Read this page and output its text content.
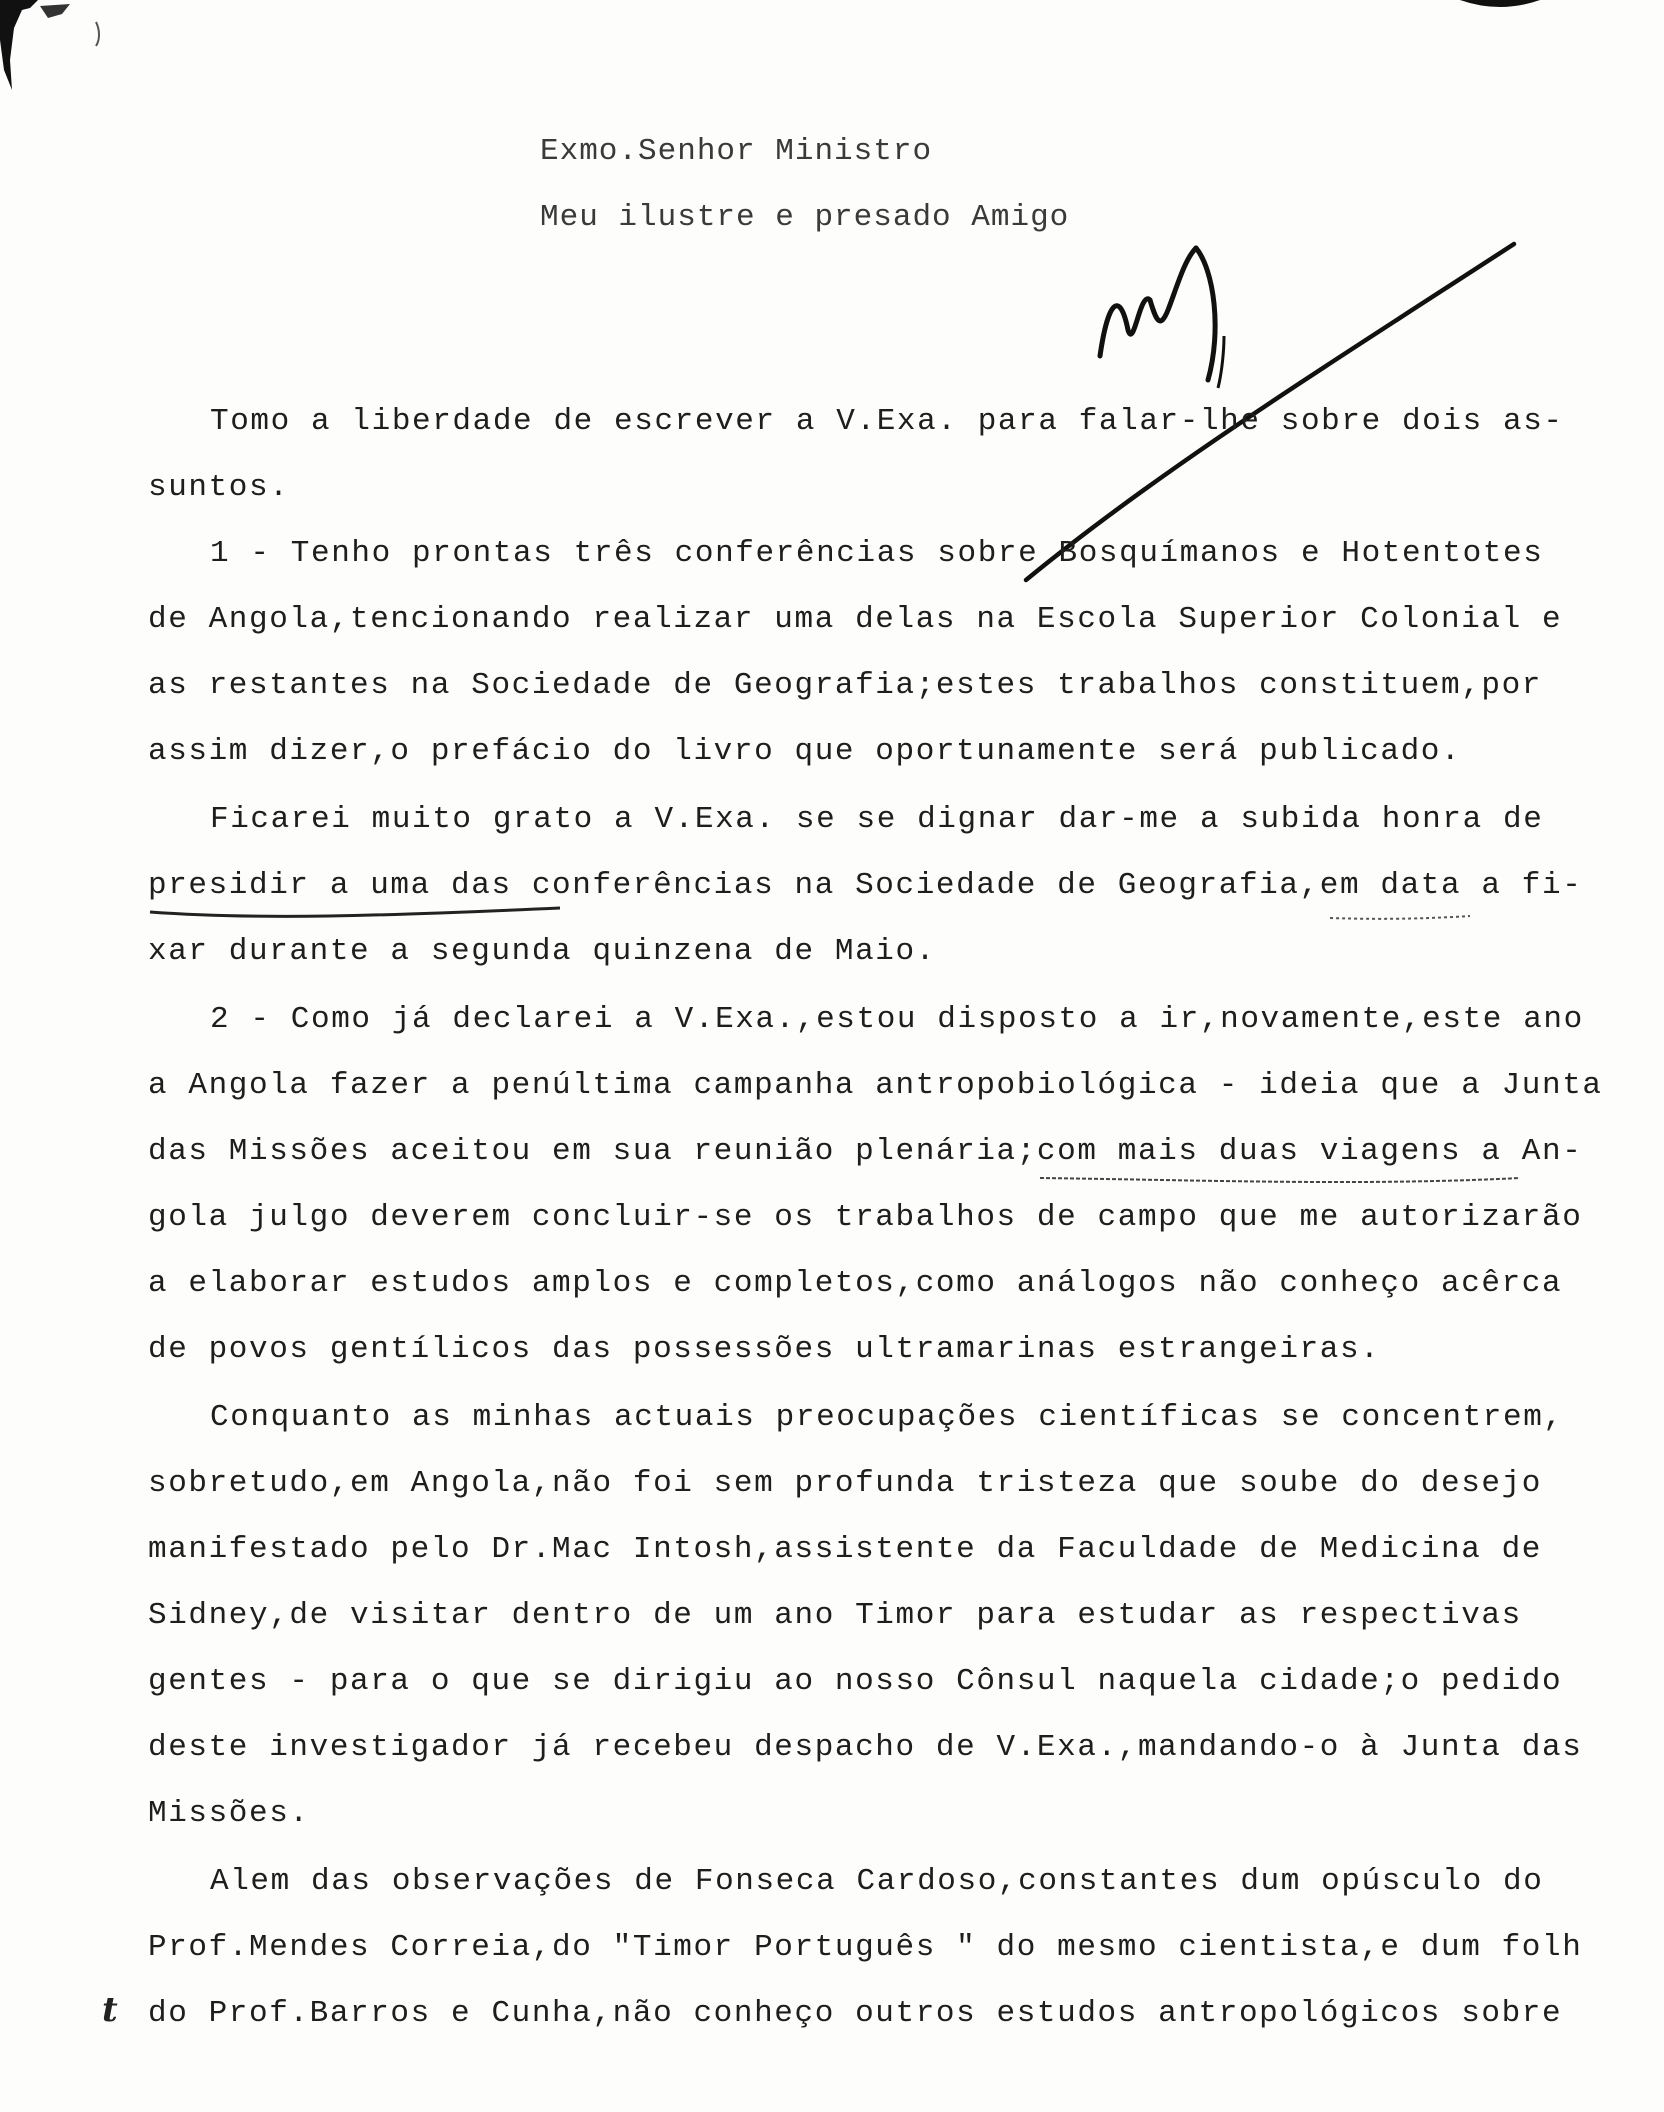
Exmo.Senhor Ministro
Meu ilustre e presado Amigo
Tomo a liberdade de escrever a V.Exa. para falar-lhe sobre dois as-
suntos.
1 - Tenho prontas três conferências sobre Bosquímanos e Hotentotes
de Angola,tencionando realizar uma delas na Escola Superior Colonial e
as restantes na Sociedade de Geografia;estes trabalhos constituem,por
assim dizer,o prefácio do livro que oportunamente será publicado.
Ficarei muito grato a V.Exa. se se dignar dar-me a subida honra de
presidir a uma das conferências na Sociedade de Geografia,em data a fi-
xar durante a segunda quinzena de Maio.
2 - Como já declarei a V.Exa.,estou disposto a ir,novamente,este ano
a Angola fazer a penúltima campanha antropobiológica - ideia que a Junta
das Missões aceitou em sua reunião plenária;com mais duas viagens a An-
gola julgo deverem concluir-se os trabalhos de campo que me autorizarão
a elaborar estudos amplos e completos,como análogos não conheço acêrca
de povos gentílicos das possessões ultramarinas estrangeiras.
Conquanto as minhas actuais preocupações científicas se concentrem,
sobretudo,em Angola,não foi sem profunda tristeza que soube do desejo
manifestado pelo Dr.Mac Intosh,assistente da Faculdade de Medicina de
Sidney,de visitar dentro de um ano Timor para estudar as respectivas
gentes - para o que se dirigiu ao nosso Cônsul naquela cidade;o pedido
deste investigador já recebeu despacho de V.Exa.,mandando-o à Junta das
Missões.
Alem das observações de Fonseca Cardoso,constantes dum opúsculo do
Prof.Mendes Correia,do "Timor Português " do mesmo cientista,e dum folh
do Prof.Barros e Cunha,não conheço outros estudos antropológicos sobre
t
